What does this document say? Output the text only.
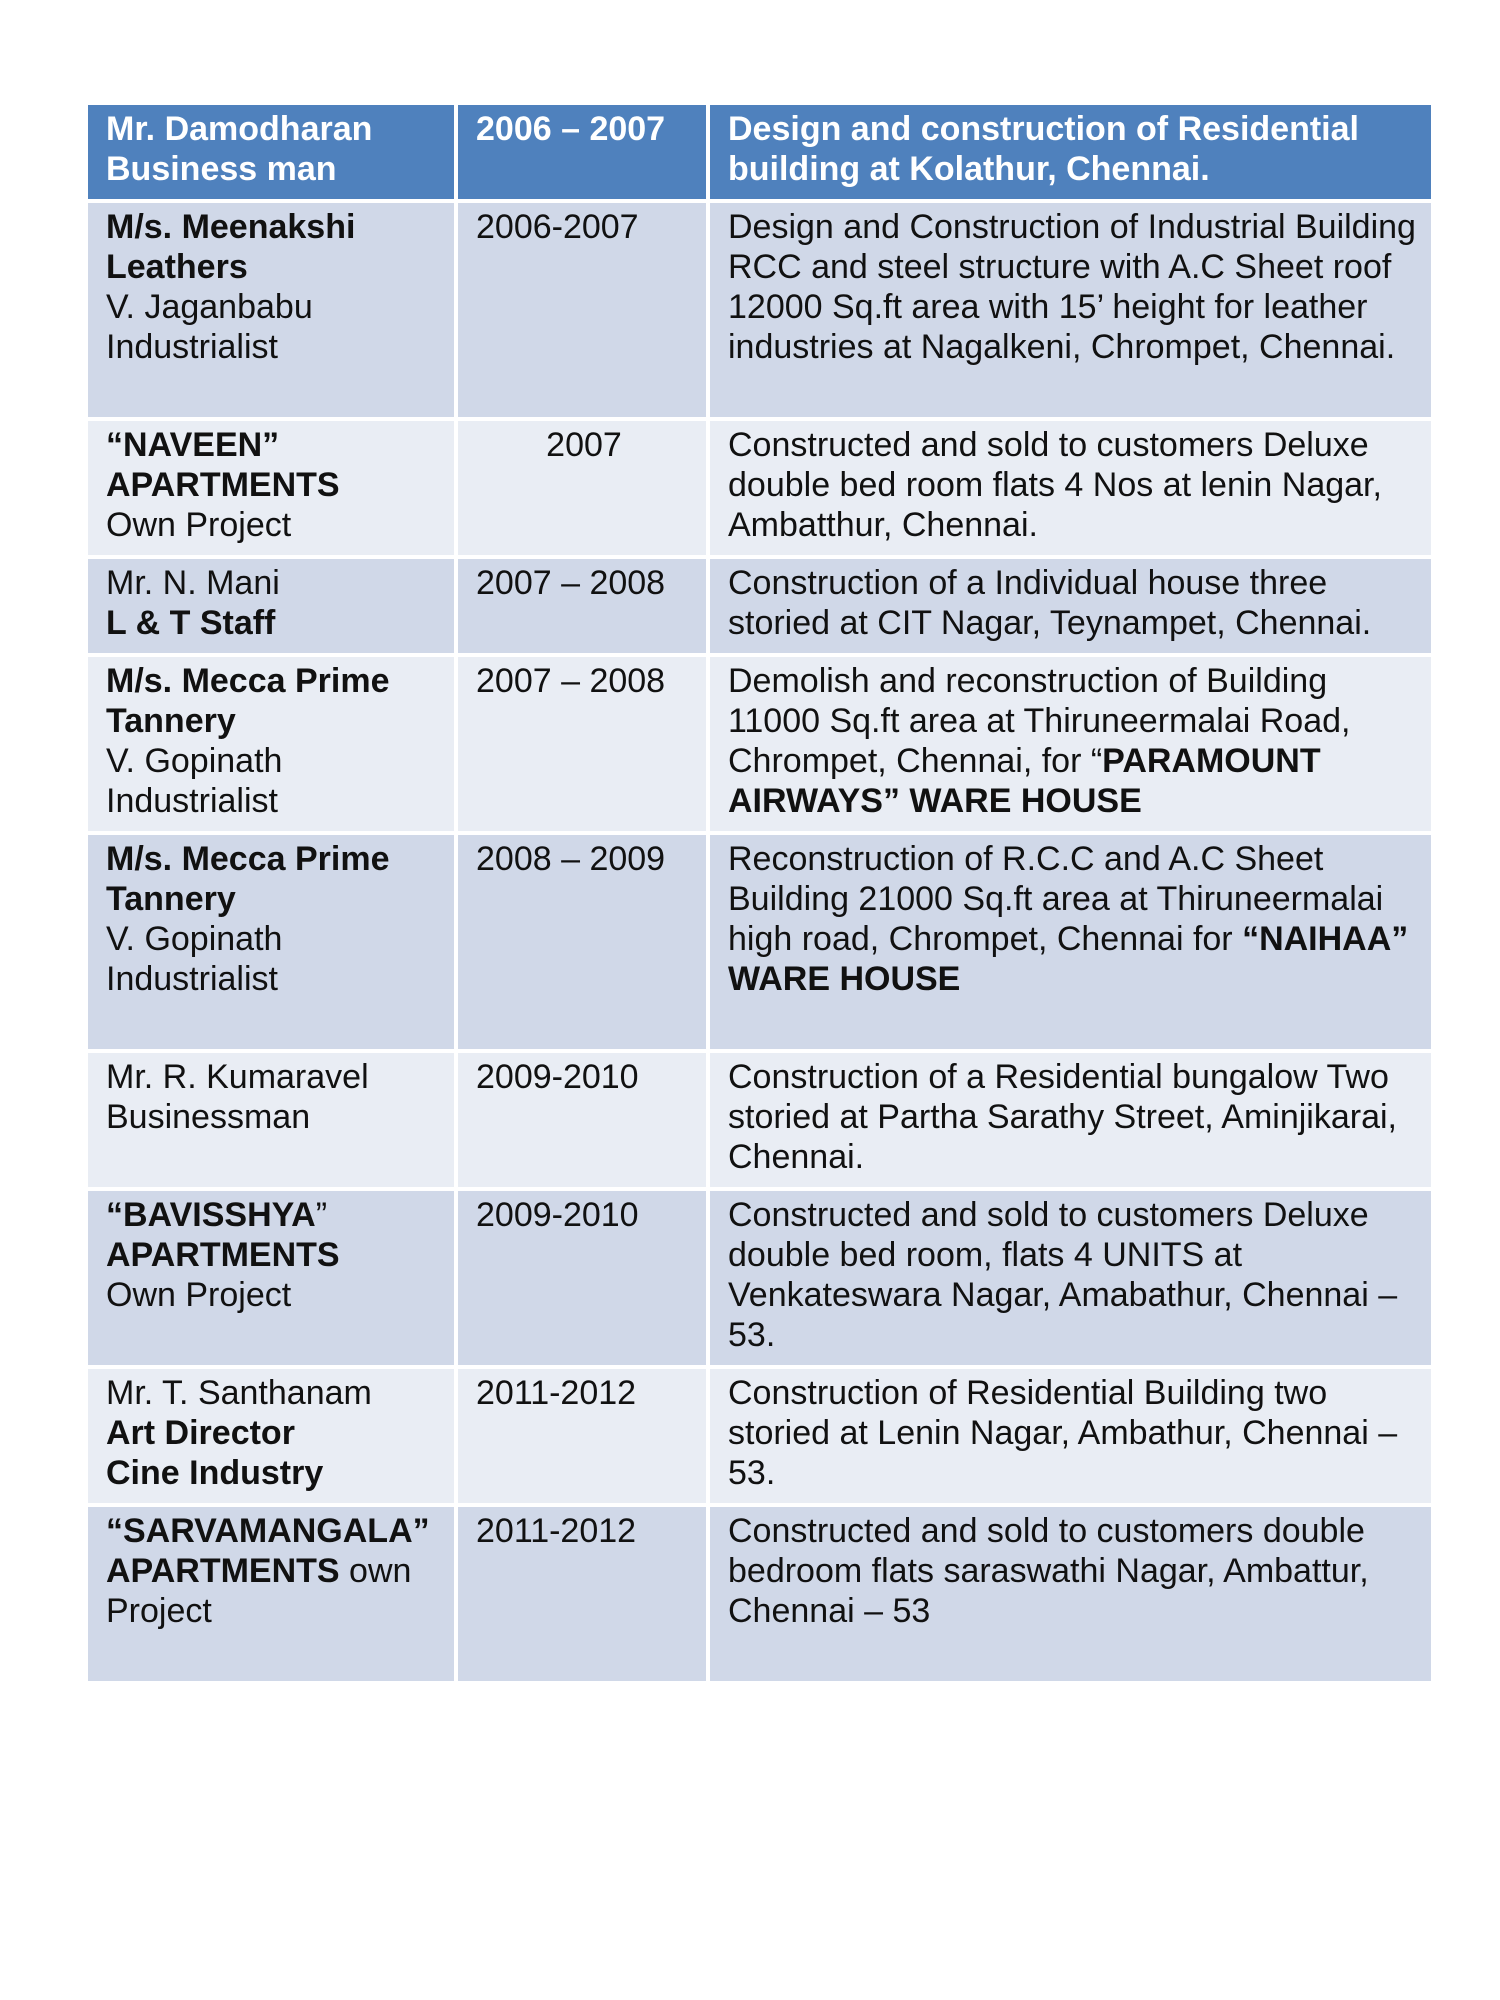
Mr. Damodharan
Business man	2006 – 2007	Design and construction of Residential building at Kolathur, Chennai.

M/s. Meenakshi Leathers
V. Jaganbabu
Industrialist	2006-2007	Design and Construction of Industrial Building RCC and steel structure with A.C Sheet roof 12000 Sq.ft area with 15’ height for leather industries at Nagalkeni, Chrompet, Chennai.

“NAVEEN” APARTMENTS
Own Project	2007	Constructed and sold to customers Deluxe double bed room flats 4 Nos at lenin Nagar, Ambatthur, Chennai.

Mr. N. Mani
L & T Staff	2007 – 2008	Construction of a Individual house three storied at CIT Nagar, Teynampet, Chennai.

M/s. Mecca Prime Tannery
V. Gopinath
Industrialist	2007 – 2008	Demolish and reconstruction of Building 11000 Sq.ft area at Thiruneermalai Road, Chrompet, Chennai, for “PARAMOUNT AIRWAYS” WARE HOUSE

M/s. Mecca Prime Tannery
V. Gopinath
Industrialist	2008 – 2009	Reconstruction of R.C.C and A.C Sheet Building 21000 Sq.ft area at Thiruneermalai high road, Chrompet, Chennai for “NAIHAA” WARE HOUSE

Mr. R. Kumaravel
Businessman	2009-2010	Construction of a Residential bungalow Two storied at Partha Sarathy Street, Aminjikarai, Chennai.

“BAVISSHYA”
APARTMENTS
Own Project	2009-2010	Constructed and sold to customers Deluxe double bed room, flats 4 UNITS at Venkateswara Nagar, Amabathur, Chennai – 53.

Mr. T. Santhanam
Art Director
Cine Industry	2011-2012	Construction of Residential Building two storied at Lenin Nagar, Ambathur, Chennai – 53.
“SARVAMANGALA” APARTMENTS own Project	2011-2012	Constructed and sold to customers double bedroom flats saraswathi Nagar, Ambattur,
Chennai – 53
